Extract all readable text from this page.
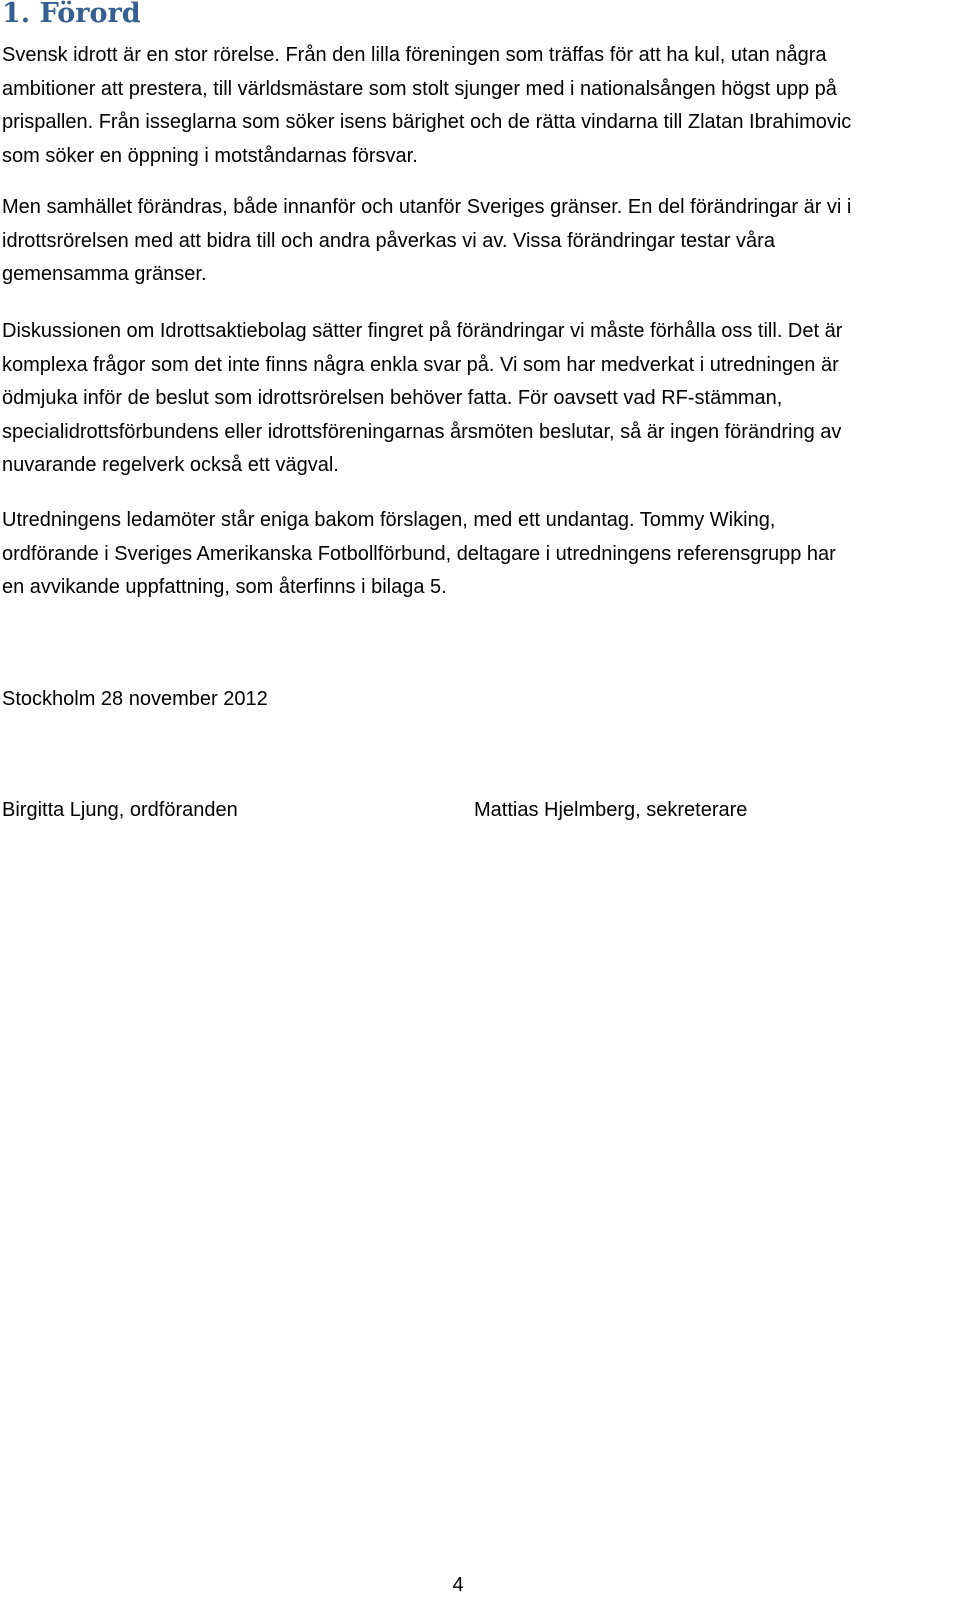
1. Förord

Svensk idrott är en stor rörelse. Från den lilla föreningen som träffas för att ha kul, utan några
ambitioner att prestera, till världsmästare som stolt sjunger med i nationalsången högst upp på
prispallen. Från isseglarna som söker isens bärighet och de rätta vindarna till Zlatan Ibrahimovic
som söker en öppning i motståndarnas försvar.

Men samhället förändras, både innanför och utanför Sveriges gränser. En del förändringar är vi i
idrottsrörelsen med att bidra till och andra påverkas vi av. Vissa förändringar testar våra
gemensamma gränser.

Diskussionen om Idrottsaktiebolag sätter fingret på förändringar vi måste förhålla oss till. Det är
komplexa frågor som det inte finns några enkla svar på. Vi som har medverkat i utredningen är
ödmjuka inför de beslut som idrottsrörelsen behöver fatta. För oavsett vad RF-stämman,
specialidrottsförbundens eller idrottsföreningarnas årsmöten beslutar, så är ingen förändring av
nuvarande regelverk också ett vägval.

Utredningens ledamöter står eniga bakom förslagen, med ett undantag. Tommy Wiking,
ordförande i Sveriges Amerikanska Fotbollförbund, deltagare i utredningens referensgrupp har
en avvikande uppfattning, som återfinns i bilaga 5.

Stockholm 28 november 2012

Birgitta Ljung, ordföranden	Mattias Hjelmberg, sekreterare

4
